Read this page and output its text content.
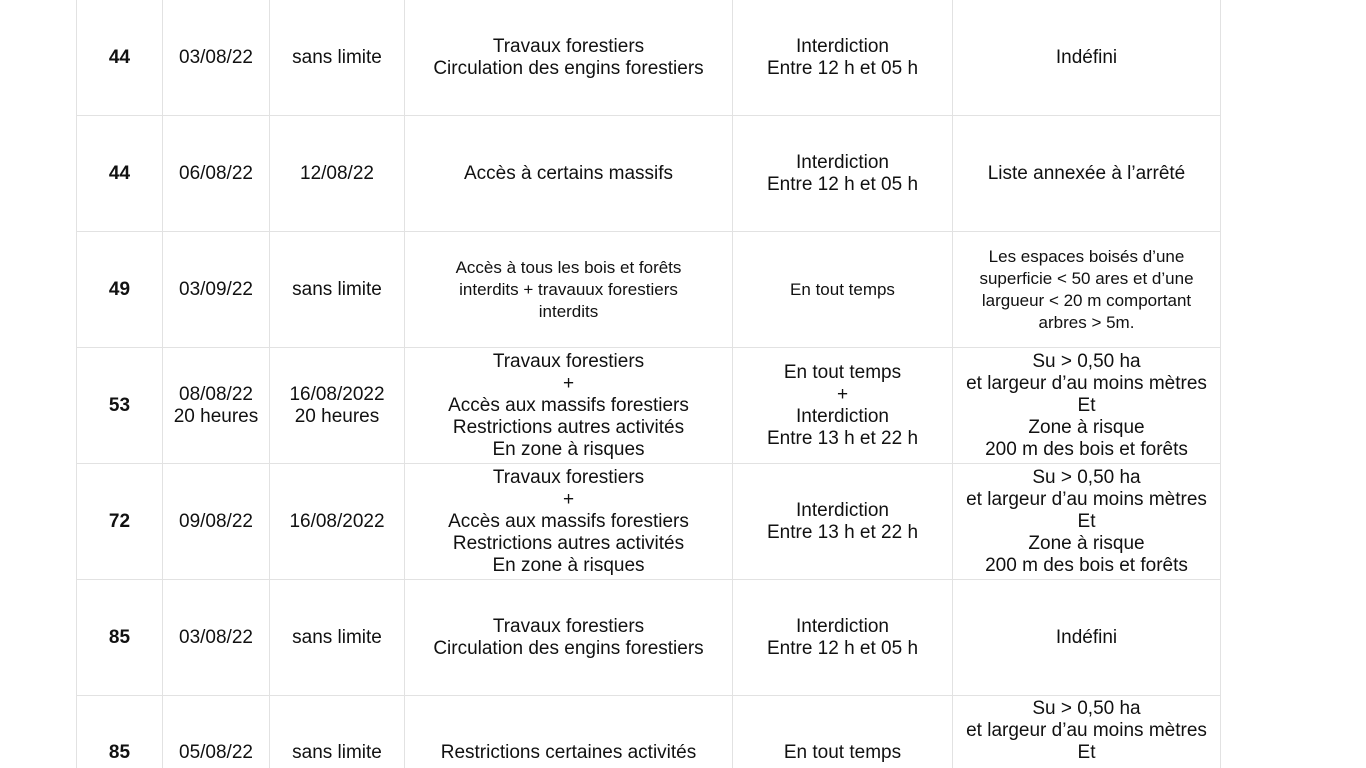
44	03/08/22	sans limite	Travaux forestiers
Circulation des engins forestiers	Interdiction
Entre 12 h et 05 h	Indéfini

44	06/08/22	12/08/22	Accès à certains massifs	Interdiction
Entre 12 h et 05 h	Liste annexée à l’arrêté

49	03/09/22	sans limite	Accès à tous les bois et forêts interdits + travauux forestiers interdits	En tout temps	Les espaces boisés d’une superficie < 50 ares et d’une largueur < 20 m comportant arbres > 5m.

53	08/08/22
20 heures	16/08/2022
20 heures	Travaux forestiers
+
Accès aux massifs forestiers
Restrictions autres activités
En zone à risques	En tout temps
+
Interdiction
Entre 13 h et 22 h	Su > 0,50 ha
et largeur d’au moins mètres
Et
Zone à risque
200 m des bois et forêts

72	09/08/22	16/08/2022	Travaux forestiers
+
Accès aux massifs forestiers
Restrictions autres activités
En zone à risques	Interdiction
Entre 13 h et 22 h	Su > 0,50 ha
et largeur d’au moins mètres
Et
Zone à risque
200 m des bois et forêts

85	03/08/22	sans limite	Travaux forestiers
Circulation des engins forestiers	Interdiction
Entre 12 h et 05 h	Indéfini

85	05/08/22	sans limite	Restrictions certaines activités	En tout temps	Su > 0,50 ha
et largeur d’au moins mètres
Et
